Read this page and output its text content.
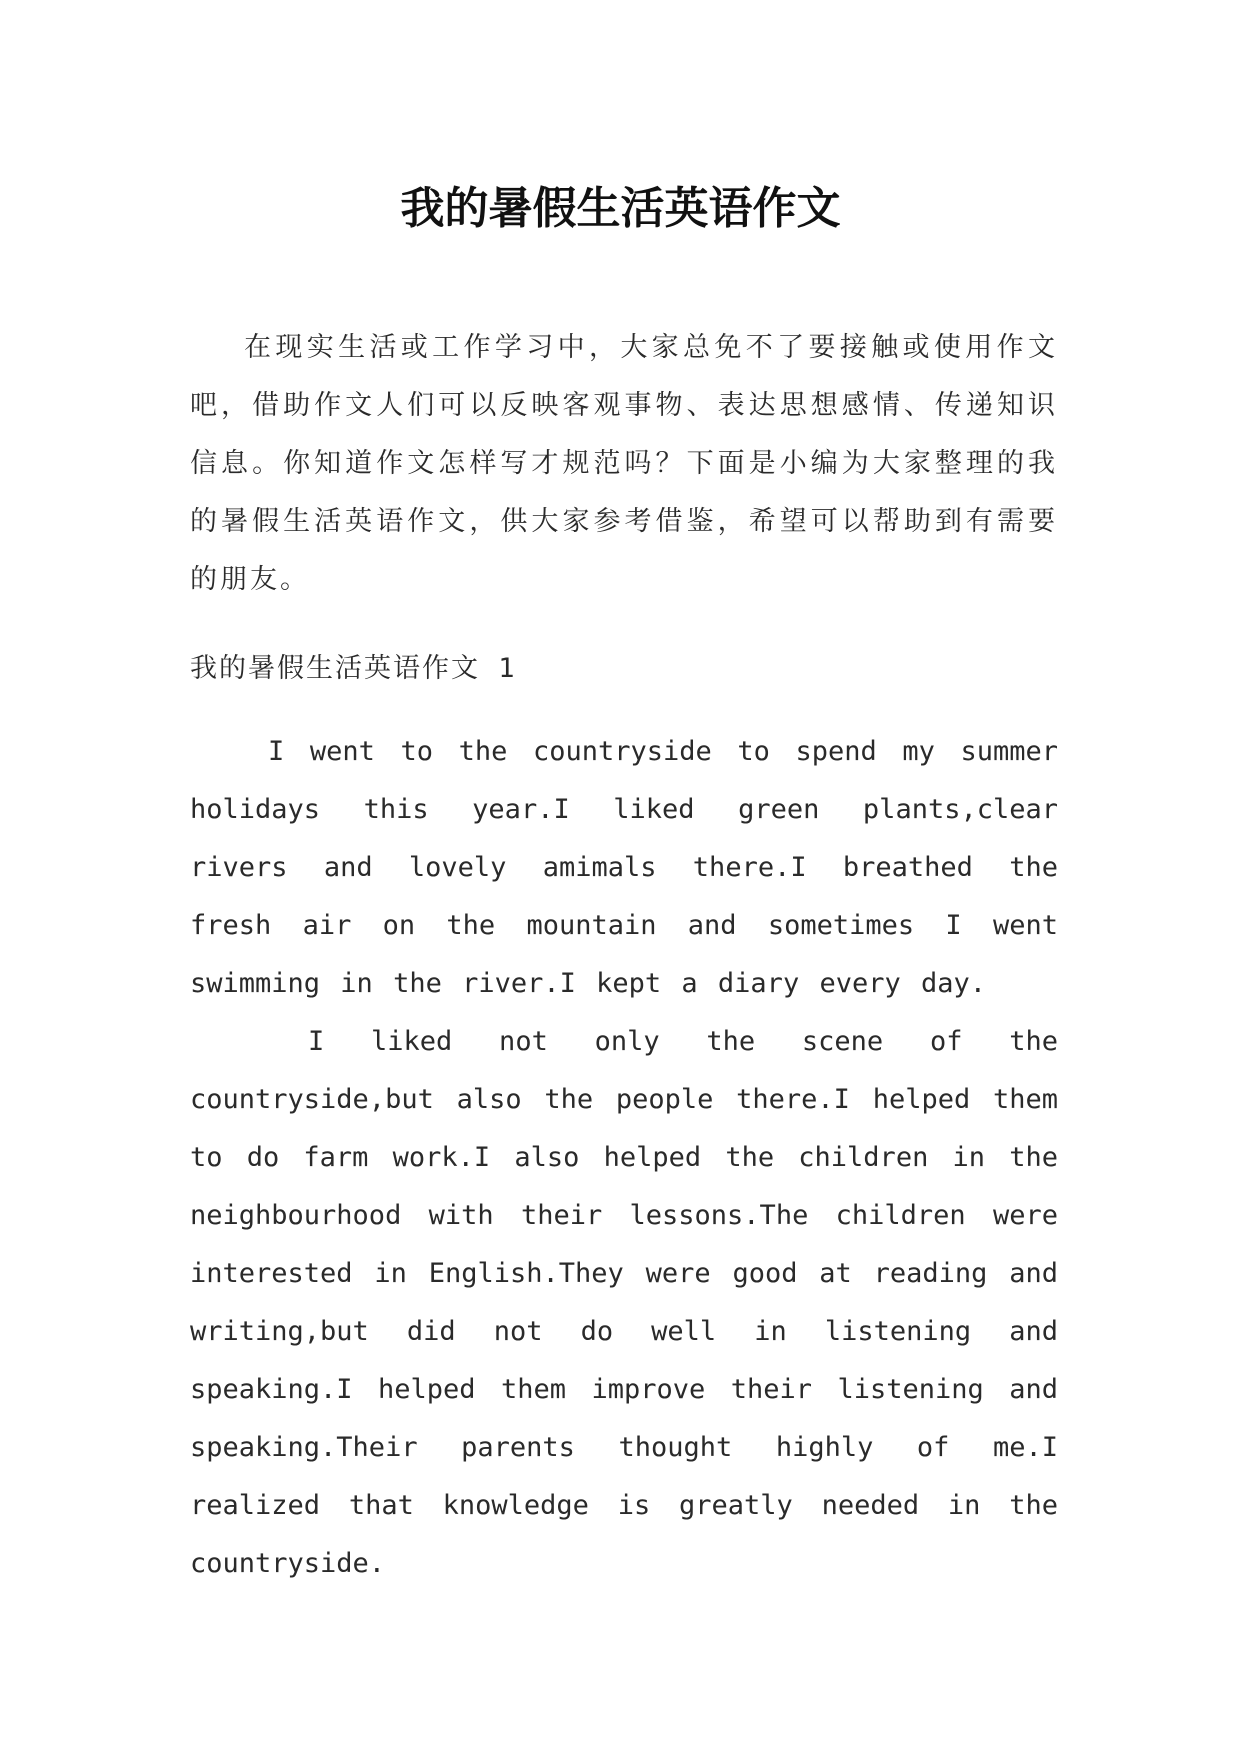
我的暑假生活英语作文

在现实生活或工作学习中，大家总免不了要接触或使用作文吧，借助作文人们可以反映客观事物、表达思想感情、传递知识信息。你知道作文怎样写才规范吗？下面是小编为大家整理的我的暑假生活英语作文，供大家参考借鉴，希望可以帮助到有需要的朋友。

我的暑假生活英语作文 1

I went to the countryside to spend my summer holidays this year.I liked green plants,clear rivers and lovely amimals there.I breathed the fresh air on the mountain and sometimes I went swimming in the river.I kept a diary every day.

I liked not only the scene of the countryside,but also the people there.I helped them to do farm work.I also helped the children in the neighbourhood with their lessons.The children were interested in English.They were good at reading and writing,but did not do well in listening and speaking.I helped them improve their listening and speaking.Their parents thought highly of me.I realized that knowledge is greatly needed in the countryside.
